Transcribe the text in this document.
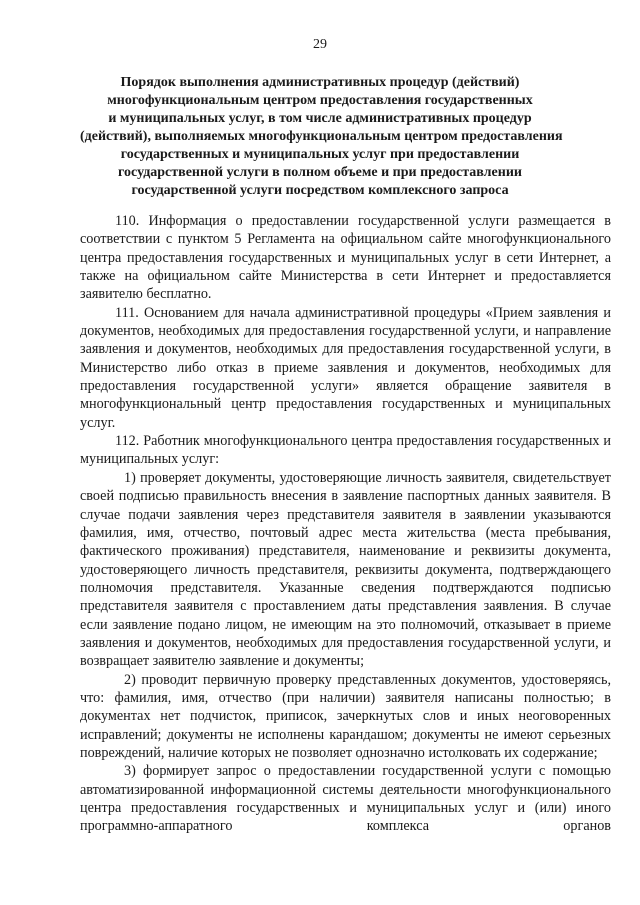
29
Порядок выполнения административных процедур (действий)
многофункциональным центром предоставления государственных
и муниципальных услуг, в том числе административных процедур
(действий), выполняемых многофункциональным центром предоставления
государственных и муниципальных услуг при предоставлении
государственной услуги в полном объеме и при предоставлении
государственной услуги посредством комплексного запроса

110. Информация о предоставлении государственной услуги размещается в соответствии с пунктом 5 Регламента на официальном сайте многофункционального центра предоставления государственных и муниципальных услуг в сети Интернет, а также на официальном сайте Министерства в сети Интернет и предоставляется заявителю бесплатно.

111. Основанием для начала административной процедуры «Прием заявления и документов, необходимых для предоставления государственной услуги, и направление заявления и документов, необходимых для предоставления государственной услуги, в Министерство либо отказ в приеме заявления и документов, необходимых для предоставления государственной услуги» является обращение заявителя в многофункциональный центр предоставления государственных и муниципальных услуг.

112. Работник многофункционального центра предоставления государственных и муниципальных услуг:

1) проверяет документы, удостоверяющие личность заявителя, свидетельствует своей подписью правильность внесения в заявление паспортных данных заявителя. В случае подачи заявления через представителя заявителя в заявлении указываются фамилия, имя, отчество, почтовый адрес места жительства (места пребывания, фактического проживания) представителя, наименование и реквизиты документа, удостоверяющего личность представителя, реквизиты документа, подтверждающего полномочия представителя. Указанные сведения подтверждаются подписью представителя заявителя с проставлением даты представления заявления. В случае если заявление подано лицом, не имеющим на это полномочий, отказывает в приеме заявления и документов, необходимых для предоставления государственной услуги, и возвращает заявителю заявление и документы;

2) проводит первичную проверку представленных документов, удостоверяясь, что: фамилия, имя, отчество (при наличии) заявителя написаны полностью; в документах нет подчисток, приписок, зачеркнутых слов и иных неоговоренных исправлений; документы не исполнены карандашом; документы не имеют серьезных повреждений, наличие которых не позволяет однозначно истолковать их содержание;

3) формирует запрос о предоставлении государственной услуги с помощью автоматизированной информационной системы деятельности многофункционального центра предоставления государственных и муниципальных услуг и (или) иного программно-аппаратного комплекса органов
